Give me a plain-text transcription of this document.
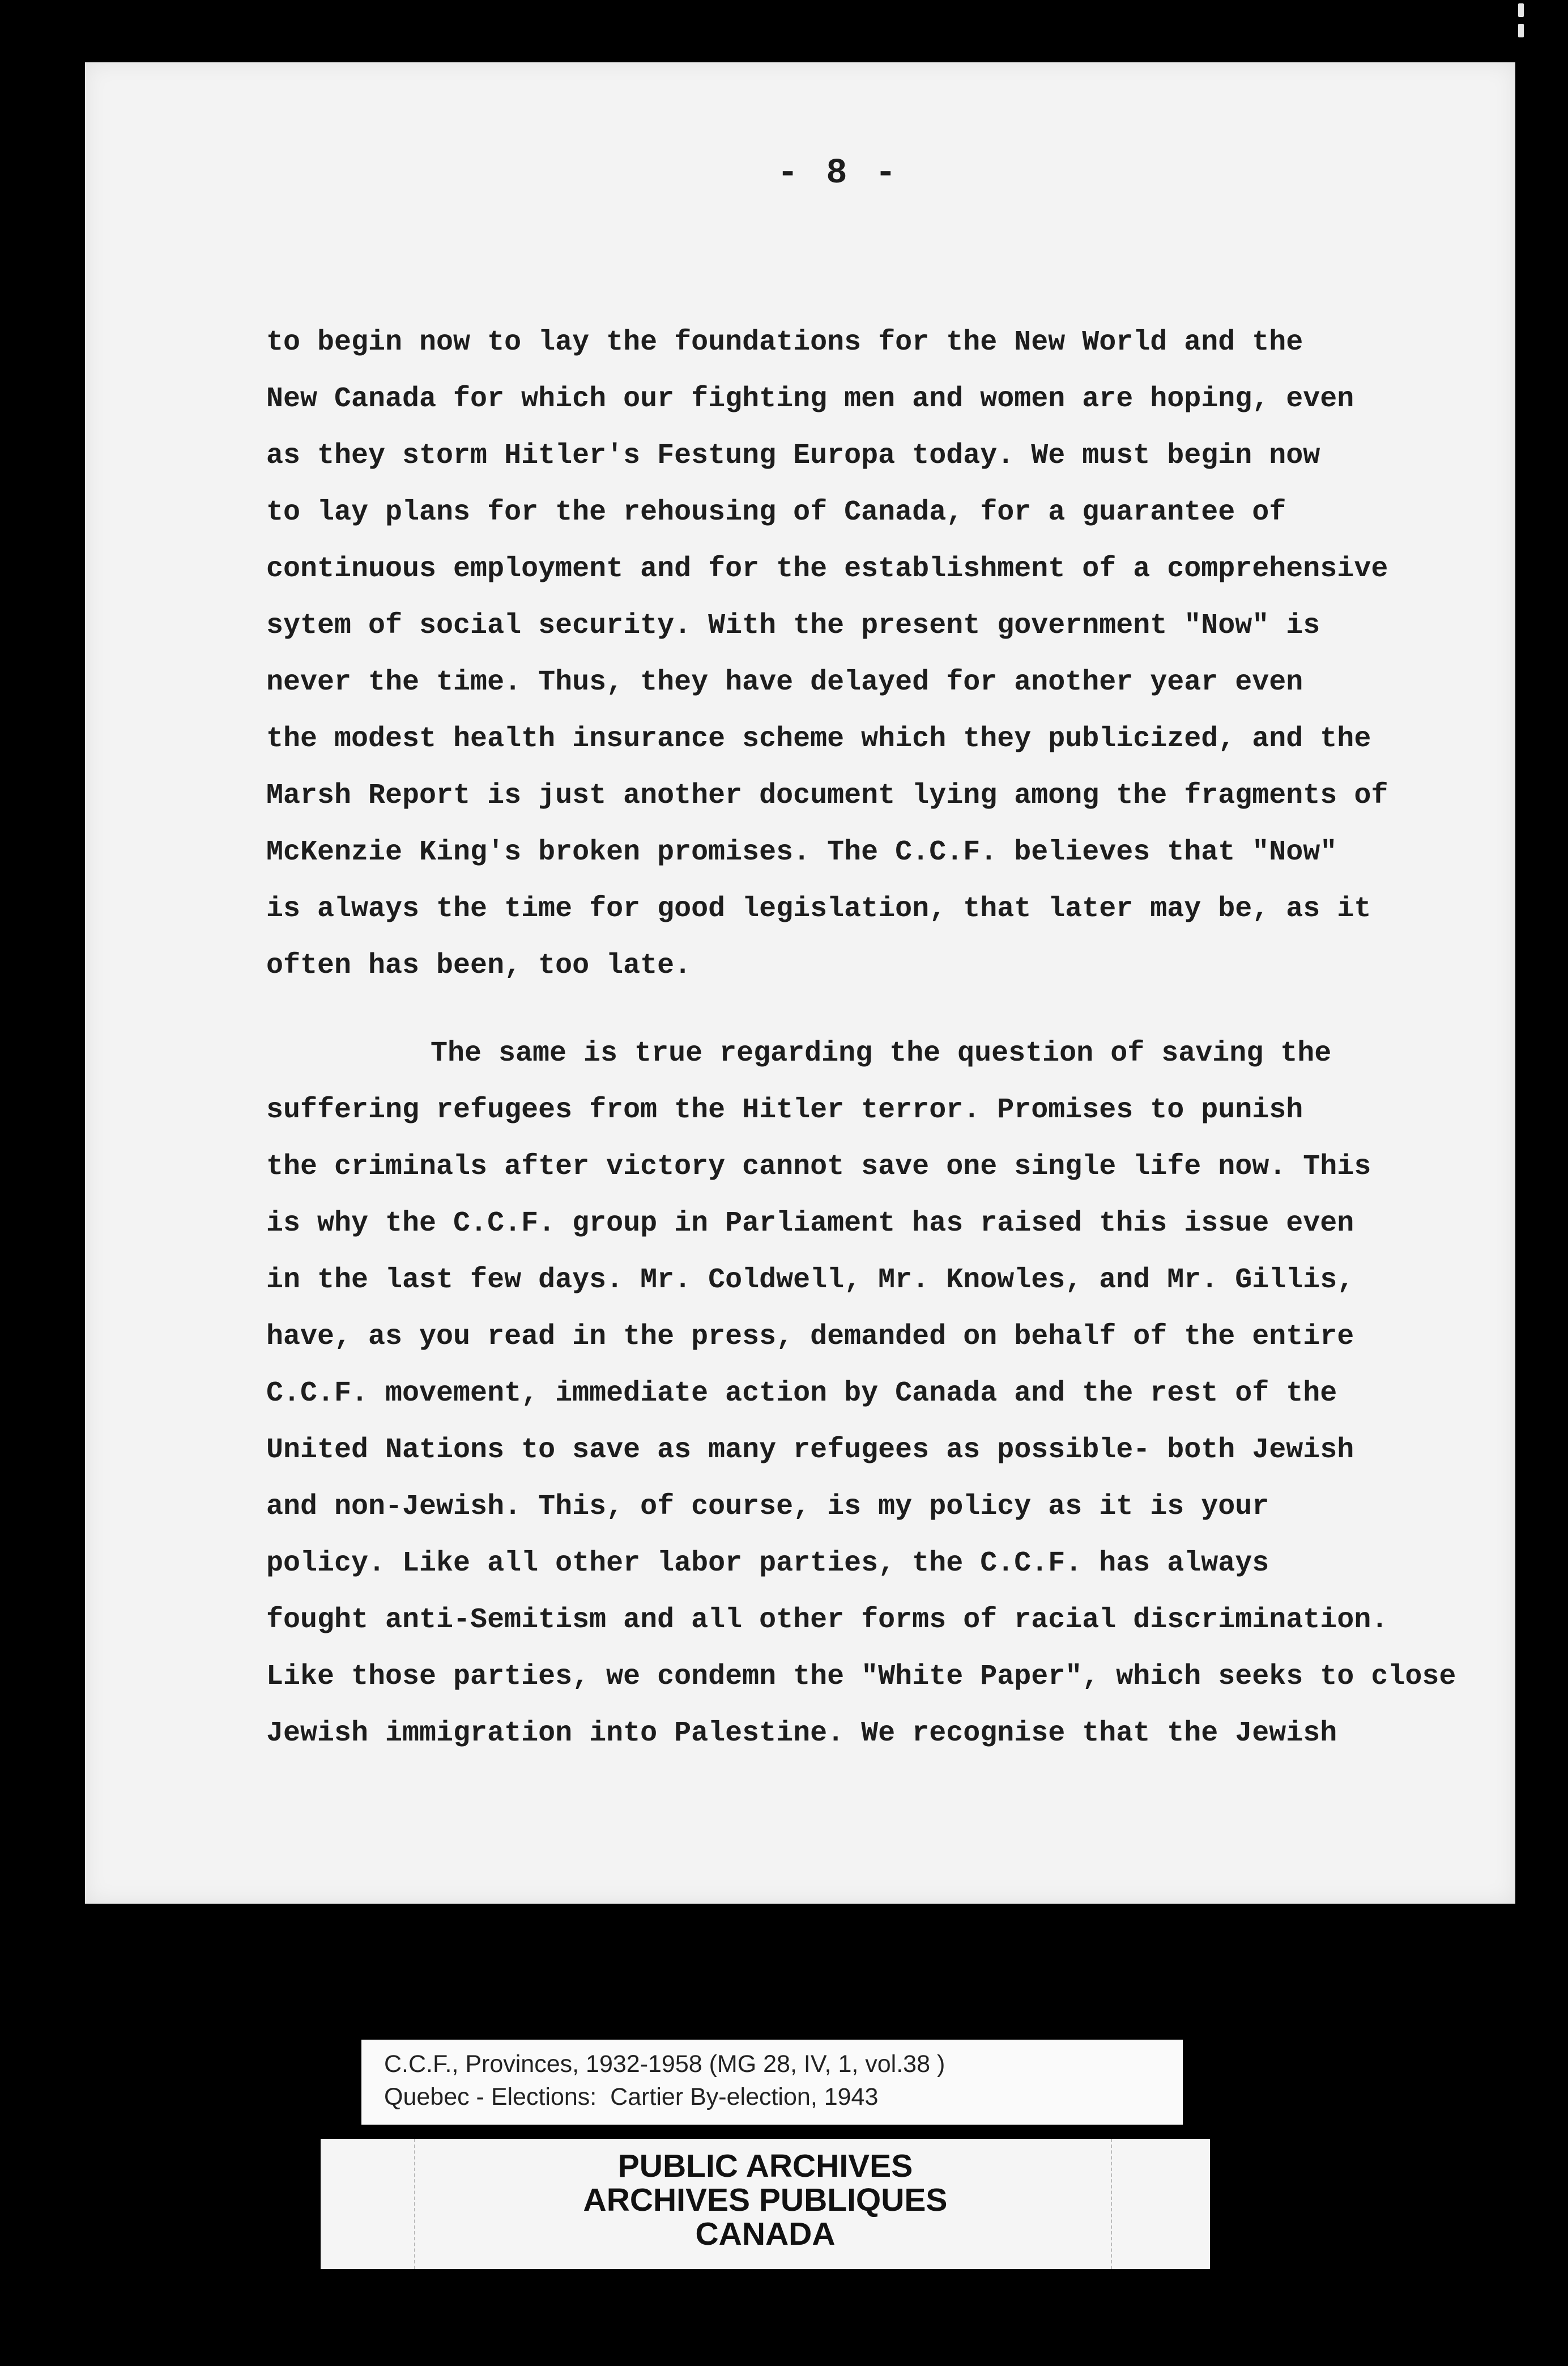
- 8 -
to begin now to lay the foundations for the New World and the
New Canada for which our fighting men and women are hoping, even
as they storm Hitler's Festung Europa today. We must begin now
to lay plans for the rehousing of Canada, for a guarantee of
continuous employment and for the establishment of a comprehensive
sytem of social security. With the present government "Now" is
never the time. Thus, they have delayed for another year even
the modest health insurance scheme which they publicized, and the
Marsh Report is just another document lying among the fragments of
McKenzie King's broken promises. The C.C.F. believes that "Now"
is always the time for good legislation, that later may be, as it
often has been, too late.
The same is true regarding the question of saving the
suffering refugees from the Hitler terror. Promises to punish
the criminals after victory cannot save one single life now. This
is why the C.C.F. group in Parliament has raised this issue even
in the last few days. Mr. Coldwell, Mr. Knowles, and Mr. Gillis,
have, as you read in the press, demanded on behalf of the entire
C.C.F. movement, immediate action by Canada and the rest of the
United Nations to save as many refugees as possible- both Jewish
and non-Jewish. This, of course, is my policy as it is your
policy. Like all other labor parties, the C.C.F. has always
fought anti-Semitism and all other forms of racial discrimination.
Like those parties, we condemn the "White Paper", which seeks to close
Jewish immigration into Palestine. We recognise that the Jewish
C.C.F., Provinces, 1932-1958 (MG 28, IV, 1, vol.38 )
Quebec - Elections:  Cartier By-election, 1943
PUBLIC ARCHIVES
ARCHIVES PUBLIQUES
CANADA
